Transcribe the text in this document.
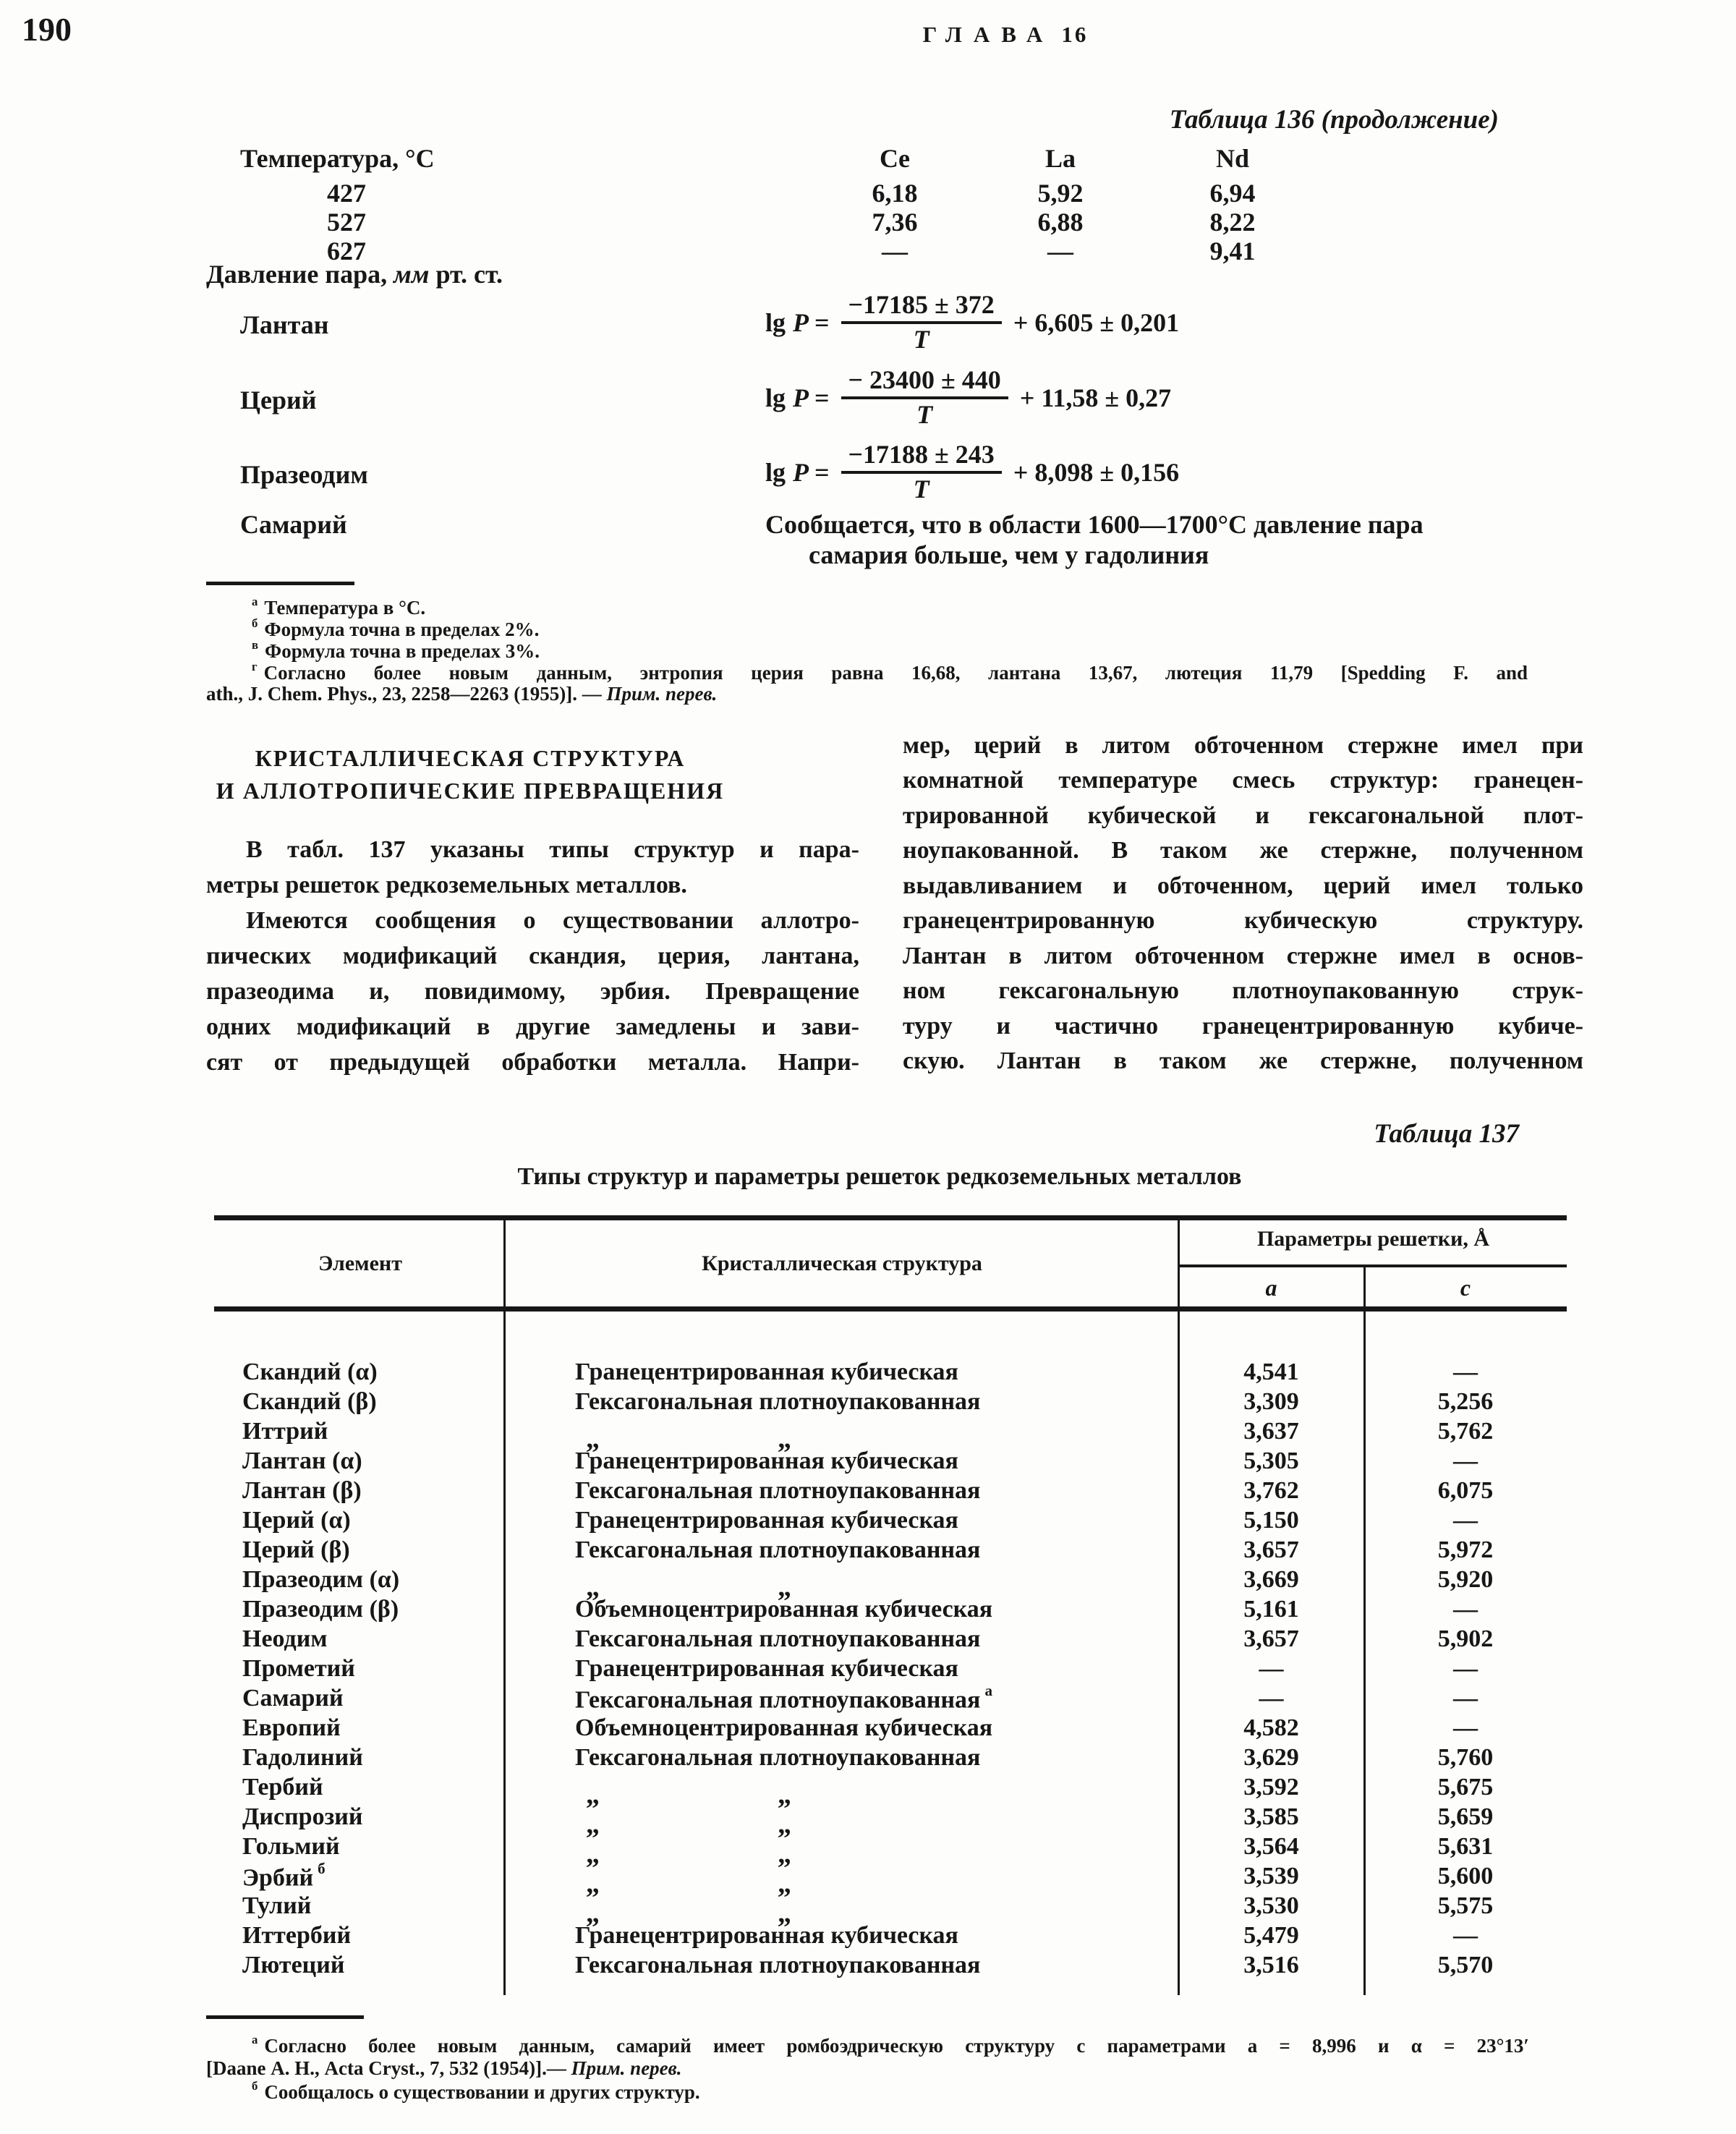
190	ГЛАВА 16
Таблица 136 (продолжение)
Температура, °С	Ce	La	Nd
427	6,18	5,92	6,94
527	7,36	6,88	8,22
627	—	—	9,41
Давление пара, мм рт. ст.
Лантан	$\lg P = \frac{-17185 \pm 372}{T} + 6,605 \pm 0,201$
Церий	$\lg P = \frac{- 23400 \pm 440}{T} + 11,58 \pm 0,27$
Празеодим	$\lg P = \frac{-17188 \pm 243}{T} + 8,098 \pm 0,156$
Самарий	Сообщается, что в области 1600—1700°С давление пара
самария больше, чем у гадолиния
$^а$ Температура в °С.
$^б$ Формула точна в пределах 2%.
$^в$ Формула точна в пределах 3%.
$^г$ Согласно более новым данным, энтропия церия равна 16,68, лантана 13,67, лютеция 11,79 [Spedding F. and
ath., J. Chem. Phys., 23, 2258—2263 (1955)]. — Прим. перев.
КРИСТАЛЛИЧЕСКАЯ СТРУКТУРА
И АЛЛОТРОПИЧЕСКИЕ ПРЕВРАЩЕНИЯ
В табл. 137 указаны типы структур и пара-
метры решеток редкоземельных металлов.
Имеются сообщения о существовании аллотро-
пических модификаций скандия, церия, лантана,
празеодима и, повидимому, эрбия. Превращение
одних модификаций в другие замедлены и зави-
сят от предыдущей обработки металла. Напри-
мер, церий в литом обточенном стержне имел при
комнатной температуре смесь структур: гранецен-
трированной кубической и гексагональной плот-
ноупакованной. В таком же стержне, полученном
выдавливанием и обточенном, церий имел только
гранецентрированную кубическую структуру.
Лантан в литом обточенном стержне имел в основ-
ном гексагональную плотноупакованную струк-
туру и частично гранецентрированную кубиче-
скую. Лантан в таком же стержне, полученном
Таблица 137
Типы структур и параметры решеток редкоземельных металлов
Параметры решетки, Å
Элемент	Кристаллическая структура
a	c
Скандий (α)	Гранецентрированная кубическая	4,541	—
Скандий (β)	Гексагональная плотноупакованная	3,309	5,256
Иттрий	„	„	3,637	5,762
Лантан (α)	Гранецентрированная кубическая	5,305	—
Лантан (β)	Гексагональная плотноупакованная	3,762	6,075
Церий (α)	Гранецентрированная кубическая	5,150	—
Церий (β)	Гексагональная плотноупакованная	3,657	5,972
Празеодим (α)	„	„	3,669	5,920
Празеодим (β)	Объемноцентрированная кубическая	5,161	—
Неодим	Гексагональная плотноупакованная	3,657	5,902
Прометий	Гранецентрированная кубическая	—	—
Самарий	Гексагональная плотноупакованная $^а$	—	—
Европий	Объемноцентрированная кубическая	4,582	—
Гадолиний	Гексагональная плотноупакованная	3,629	5,760
Тербий	„	„	3,592	5,675
Диспрозий	„	„	3,585	5,659
Гольмий	„	„	3,564	5,631
Эрбий $^б$	„	„	3,539	5,600
Тулий	„	„	3,530	5,575
Иттербий	Гранецентрированная кубическая	5,479	—
Лютеций	Гексагональная плотноупакованная	3,516	5,570
$^а$ Согласно более новым данным, самарий имеет ромбоэдрическую структуру с параметрами a = 8,996 и α = 23°13′
[Daane А. Н., Acta Cryst., 7, 532 (1954)].— Прим. перев.
$^б$ Сообщалось о существовании и других структур.
